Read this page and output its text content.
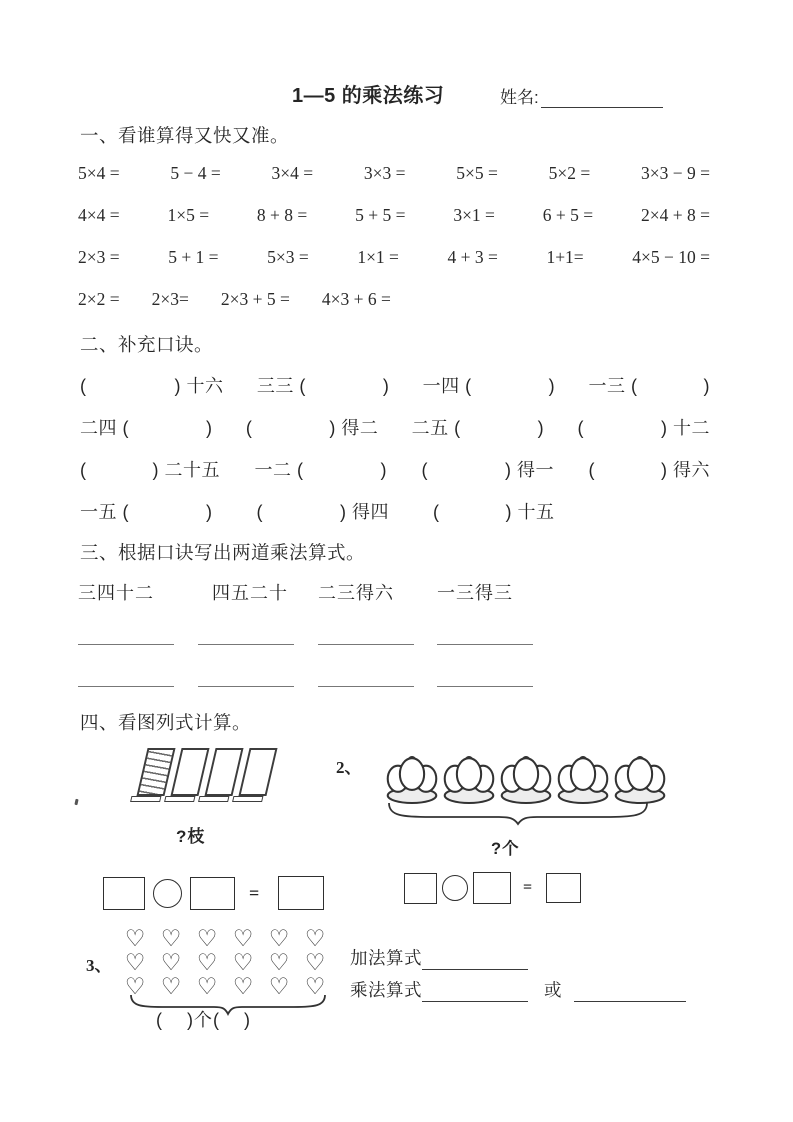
1—5 的乘法练习	姓名:
一、看谁算得又快又准。
5×4 =	5 − 4 =	3×4 =	3×3 =	5×5 =	5×2 =	3×3 − 9 =
4×4 =	1×5 =	8 + 8 =	5 + 5 =	3×1 =	6 + 5 =	2×4 + 8 =
2×3 =	5 + 1 =	5×3 =	1×1 =	4 + 3 =	1+1=	4×5 − 10 =
2×2 = 2×3= 2×3 + 5 = 4×3 + 6 =
二、补充口诀。
(                ) 十六 三三 (              ) 一四 (              ) 一三 (            )
二四 (              ) (              ) 得二 二五 (              ) (              ) 十二
(            ) 二十五 一二 (              ) (              ) 得一 (            ) 得六
一五 (              ) (              ) 得四 (            ) 十五
三、根据口诀写出两道乘法算式。
三四十二	四五二十	二三得六	一三得三
四、看图列式计算。
?枝
2、
?个
=	=
3、
♡ ♡ ♡ ♡ ♡ ♡
♡ ♡ ♡ ♡ ♡ ♡
♡ ♡ ♡ ♡ ♡ ♡
(    )个(    )
加法算式
乘法算式	或
